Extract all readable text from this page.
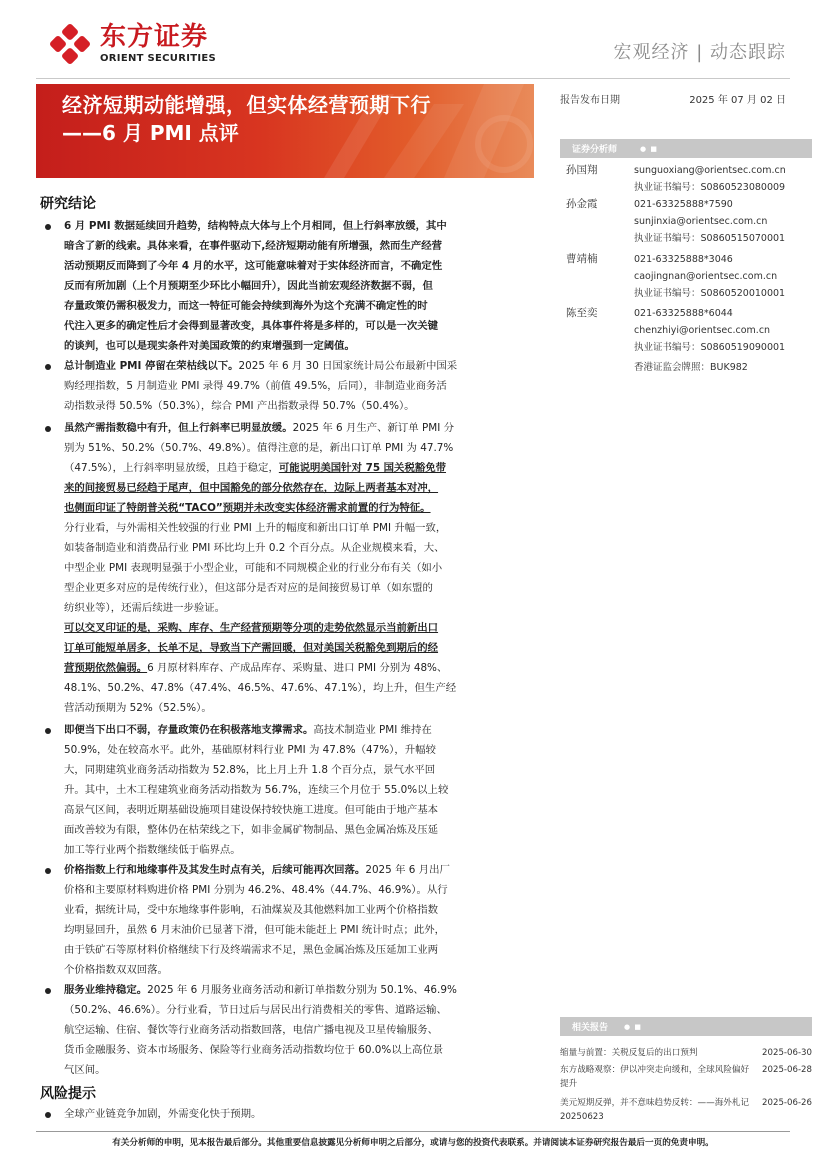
东方证券
ORIENT SECURITIES	宏观经济 | 动态跟踪
经济短期动能增强，但实体经营预期下行
——6 月 PMI 点评
报告发布日期	2025 年 07 月 02 日
证券分析师	● ■
孙国翔	sunguoxiang@orientsec.com.cn
执业证书编号：S0860523080009
孙金霞	021-63325888*7590
sunjinxia@orientsec.com.cn
执业证书编号：S0860515070001
曹靖楠	021-63325888*3046
caojingnan@orientsec.com.cn
执业证书编号：S0860520010001
陈至奕	021-63325888*6044
chenzhiyi@orientsec.com.cn
执业证书编号：S0860519090001
香港证监会牌照：BUK982
相关报告 ● ■
缩量与前置：关税反复后的出口预判	2025-06-30
东方战略观察：伊以冲突走向缓和，全球风险偏好提升
2025-06-28
美元短期反弹，并不意味趋势反转：——海外札记 20250623
2025-06-26
研究结论
6 月 PMI 数据延续回升趋势，结构特点大体与上个月相同，但上行斜率放缓，其中
暗含了新的线索。具体来看，在事件驱动下,经济短期动能有所增强，然而生产经营
活动预期反而降到了今年 4 月的水平，这可能意味着对于实体经济而言，不确定性
反而有所加剧（上个月预期至少环比小幅回升），因此当前宏观经济数据不弱，但
存量政策仍需积极发力，而这一特征可能会持续到海外为这个充满不确定性的时
代注入更多的确定性后才会得到显著改变，具体事件将是多样的，可以是一次关键
的谈判，也可以是现实条件对美国政策的约束增强到一定阈值。
总计制造业 PMI 停留在荣枯线以下。2025 年 6 月 30 日国家统计局公布最新中国采
购经理指数，5 月制造业 PMI 录得 49.7%（前值 49.5%，后同），非制造业商务活
动指数录得 50.5%（50.3%），综合 PMI 产出指数录得 50.7%（50.4%）。
虽然产需指数稳中有升，但上行斜率已明显放缓。2025 年 6 月生产、新订单 PMI 分
别为 51%、50.2%（50.7%、49.8%）。值得注意的是，新出口订单 PMI 为 47.7%
（47.5%），上行斜率明显放缓，且趋于稳定，可能说明美国针对 75 国关税豁免带
来的间接贸易已经趋于尾声，但中国豁免的部分依然存在，边际上两者基本对冲，
也侧面印证了特朗普关税“TACO”预期并未改变实体经济需求前置的行为特征。
分行业看，与外需相关性较强的行业 PMI 上升的幅度和新出口订单 PMI 升幅一致，
如装备制造业和消费品行业 PMI 环比均上升 0.2 个百分点。从企业规模来看，大、
中型企业 PMI 表现明显强于小型企业，可能和不同规模企业的行业分布有关（如小
型企业更多对应的是传统行业），但这部分是否对应的是间接贸易订单（如东盟的
纺织业等），还需后续进一步验证。
可以交叉印证的是，采购、库存、生产经营预期等分项的走势依然显示当前新出口
订单可能短单居多，长单不足，导致当下产需回暖，但对美国关税豁免到期后的经
营预期依然偏弱。6 月原材料库存、产成品库存、采购量、进口 PMI 分别为 48%、
48.1%、50.2%、47.8%（47.4%、46.5%、47.6%、47.1%），均上升，但生产经
营活动预期为 52%（52.5%）。
即便当下出口不弱，存量政策仍在积极落地支撑需求。高技术制造业 PMI 维持在
50.9%，处在较高水平。此外，基础原材料行业 PMI 为 47.8%（47%），升幅较
大，同期建筑业商务活动指数为 52.8%，比上月上升 1.8 个百分点，景气水平回
升。其中，土木工程建筑业商务活动指数为 56.7%，连续三个月位于 55.0%以上较
高景气区间，表明近期基础设施项目建设保持较快施工进度。但可能由于地产基本
面改善较为有限，整体仍在枯荣线之下，如非金属矿物制品、黑色金属冶炼及压延
加工等行业两个指数继续低于临界点。
价格指数上行和地缘事件及其发生时点有关，后续可能再次回落。2025 年 6 月出厂
价格和主要原材料购进价格 PMI 分别为 46.2%、48.4%（44.7%、46.9%）。从行
业看，据统计局，受中东地缘事件影响，石油煤炭及其他燃料加工业两个价格指数
均明显回升，虽然 6 月末油价已显著下滑，但可能未能赶上 PMI 统计时点；此外，
由于铁矿石等原材料价格继续下行及终端需求不足，黑色金属冶炼及压延加工业两
个价格指数双双回落。
服务业维持稳定。2025 年 6 月服务业商务活动和新订单指数分别为 50.1%、46.9%
（50.2%、46.6%）。分行业看，节日过后与居民出行消费相关的零售、道路运输、
航空运输、住宿、餐饮等行业商务活动指数回落，电信广播电视及卫星传输服务、
货币金融服务、资本市场服务、保险等行业商务活动指数均位于 60.0%以上高位景
气区间。
风险提示
全球产业链竞争加剧，外需变化快于预期。
有关分析师的申明，见本报告最后部分。其他重要信息披露见分析师申明之后部分，或请与您的投资代表联系。并请阅读本证券研究报告最后一页的免责申明。
